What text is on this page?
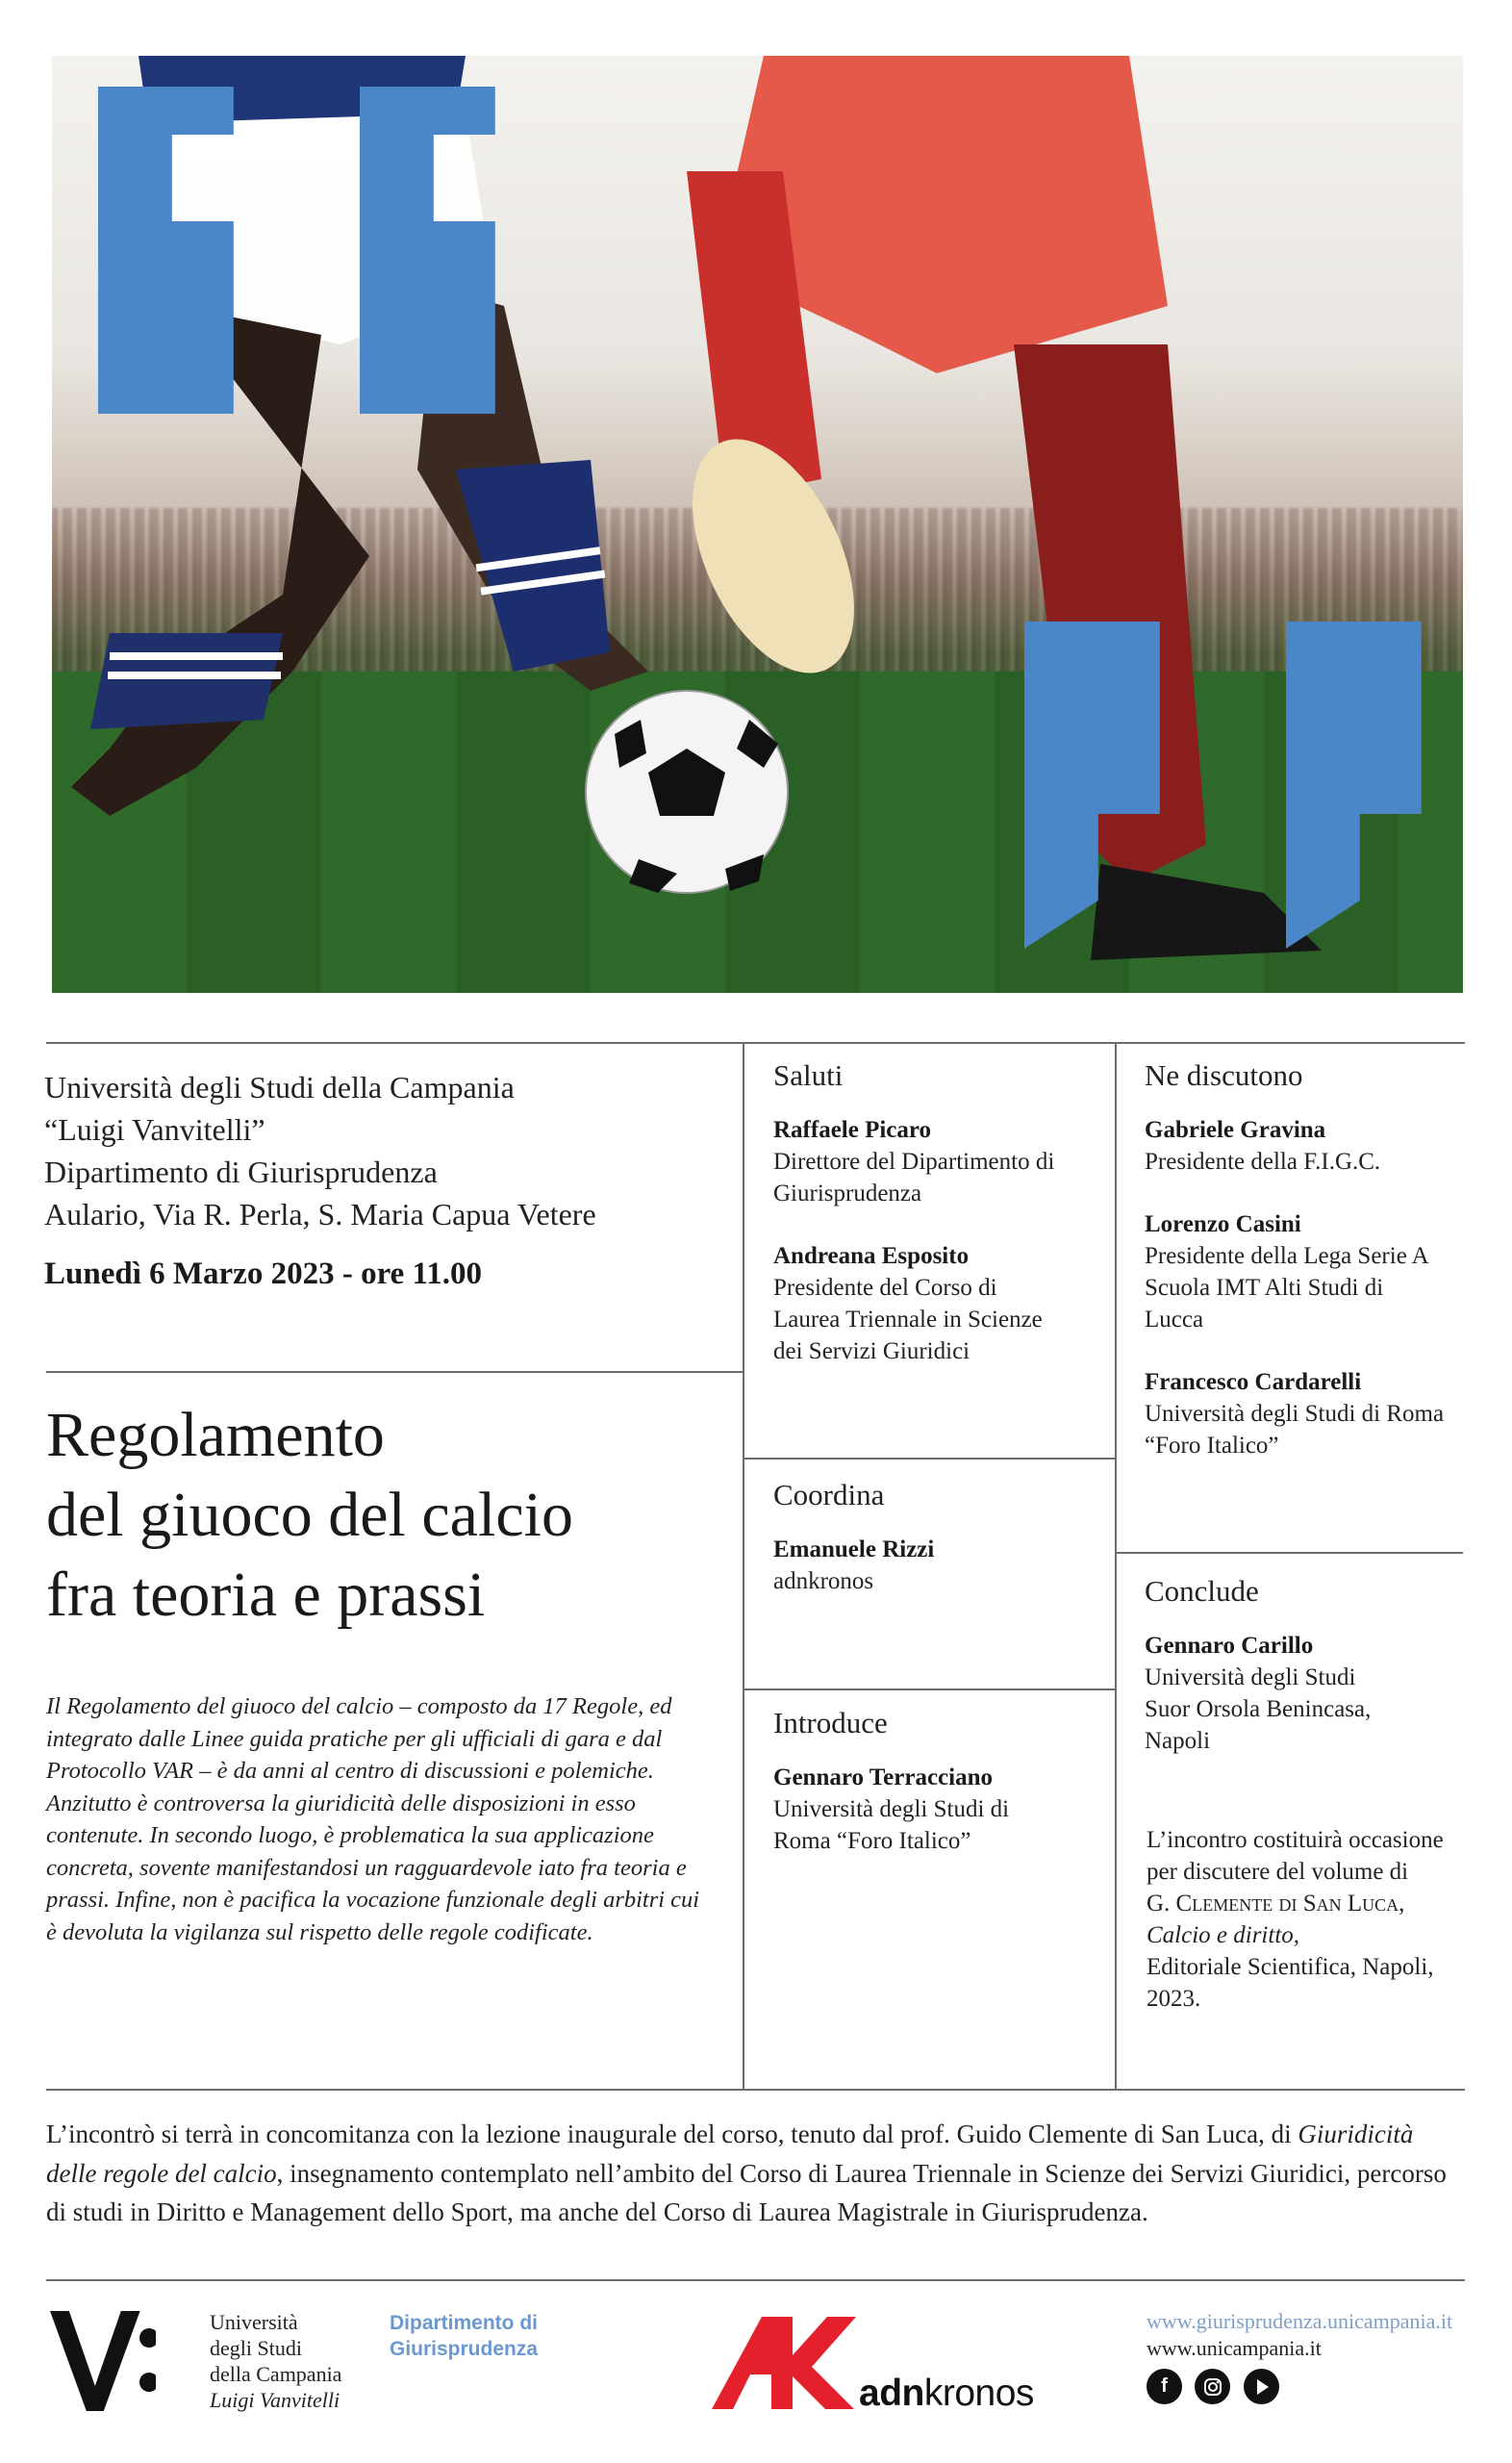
Università degli Studi della Campania
“Luigi Vanvitelli”
Dipartimento di Giurisprudenza
Aulario, Via R. Perla, S. Maria Capua Vetere
Lunedì 6 Marzo 2023 - ore 11.00
Regolamento
del giuoco del calcio
fra teoria e prassi
Il Regolamento del giuoco del calcio – composto da 17 Regole, ed integrato dalle Linee guida pratiche per gli ufficiali di gara e dal Protocollo VAR – è da anni al centro di discussioni e polemiche. Anzitutto è controversa la giuridicità delle disposizioni in esso contenute. In secondo luogo, è problematica la sua applicazione concreta, sovente manifestandosi un ragguardevole iato fra teoria e prassi. Infine, non è pacifica la vocazione funzionale degli arbitri cui è devoluta la vigilanza sul rispetto delle regole codificate.
Saluti
Raffaele Picaro
Direttore del Dipartimento di
Giurisprudenza
Andreana Esposito
Presidente del Corso di
Laurea Triennale in Scienze
dei Servizi Giuridici
Coordina
Emanuele Rizzi
adnkronos
Introduce
Gennaro Terracciano
Università degli Studi di
Roma “Foro Italico”
Ne discutono
Gabriele Gravina
Presidente della F.I.G.C.
Lorenzo Casini
Presidente della Lega Serie A
Scuola IMT Alti Studi di
Lucca
Francesco Cardarelli
Università degli Studi di Roma
“Foro Italico”
Conclude
Gennaro Carillo
Università degli Studi
Suor Orsola Benincasa,
Napoli
L’incontro costituirà occasione
per discutere del volume di
G. Clemente di San Luca,
Calcio e diritto,
Editoriale Scientifica, Napoli,
2023.
L’incontrò si terrà in concomitanza con la lezione inaugurale del corso, tenuto dal prof. Guido Clemente di San Luca, di Giuridicità delle regole del calcio, insegnamento contemplato nell’ambito del Corso di Laurea Triennale in Scienze dei Servizi Giuridici, percorso di studi in Diritto e Management dello Sport, ma anche del Corso di Laurea Magistrale in Giurisprudenza.
Università
degli Studi
della Campania
Luigi Vanvitelli
Dipartimento di
Giurisprudenza
adnkronos
www.giurisprudenza.unicampania.it
www.unicampania.it
f
